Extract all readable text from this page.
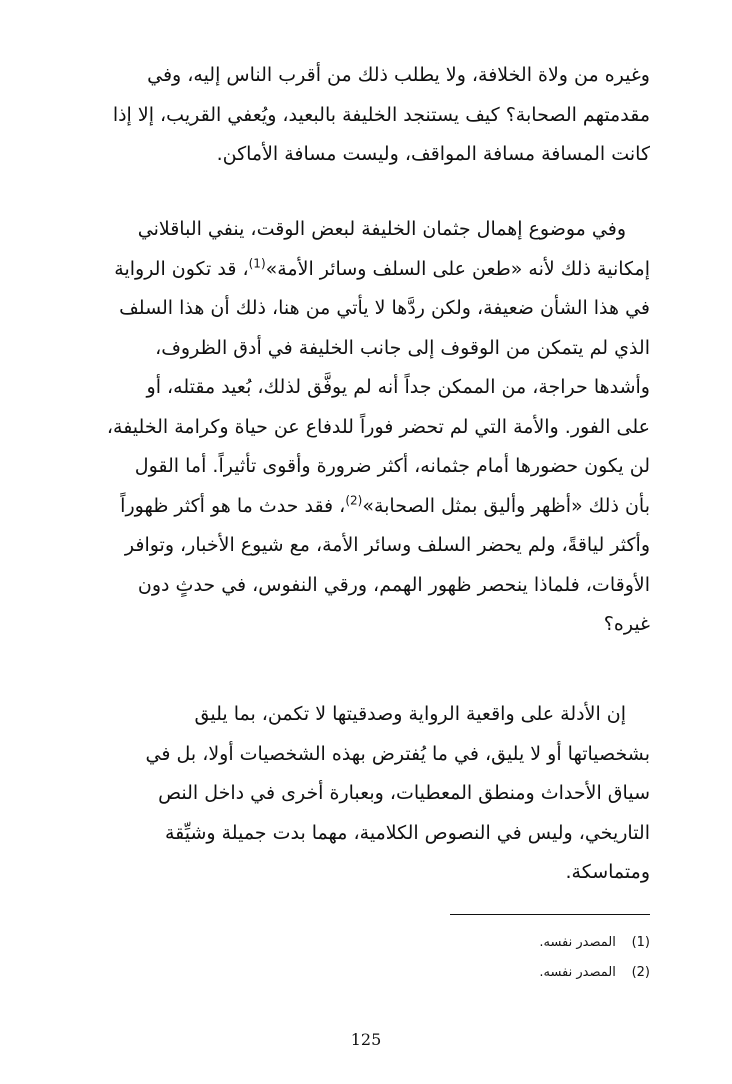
وغيره من ولاة الخلافة، ولا يطلب ذلك من أقرب الناس إليه، وفي
مقدمتهم الصحابة؟ كيف يستنجد الخليفة بالبعيد، ويُعفي القريب، إلا إذا
كانت المسافة مسافة المواقف، وليست مسافة الأماكن.
وفي موضوع إهمال جثمان الخليفة لبعض الوقت، ينفي الباقلاني
إمكانية ذلك لأنه «طعن على السلف وسائر الأمة»$^{(1)}$، قد تكون الرواية
في هذا الشأن ضعيفة، ولكن ردَّها لا يأتي من هنا، ذلك أن هذا السلف
الذي لم يتمكن من الوقوف إلى جانب الخليفة في أدق الظروف،
وأشدها حراجة، من الممكن جداً أنه لم يوفَّق لذلك، بُعيد مقتله، أو
على الفور. والأمة التي لم تحضر فوراً للدفاع عن حياة وكرامة الخليفة،
لن يكون حضورها أمام جثمانه، أكثر ضرورة وأقوى تأثيراً. أما القول
بأن ذلك «أظهر وأليق بمثل الصحابة»$^{(2)}$، فقد حدث ما هو أكثر ظهوراً
وأكثر لياقةً، ولم يحضر السلف وسائر الأمة، مع شيوع الأخبار، وتوافر
الأوقات، فلماذا ينحصر ظهور الهمم، ورقي النفوس، في حدثٍ دون
غيره؟
إن الأدلة على واقعية الرواية وصدقيتها لا تكمن، بما يليق
بشخصياتها أو لا يليق، في ما يُفترض بهذه الشخصيات أولا، بل في
سياق الأحداث ومنطق المعطيات، وبعبارة أخرى في داخل النص
التاريخي، وليس في النصوص الكلامية، مهما بدت جميلة وشيِّقة
ومتماسكة.
(1) المصدر نفسه.
(2) المصدر نفسه.
125
